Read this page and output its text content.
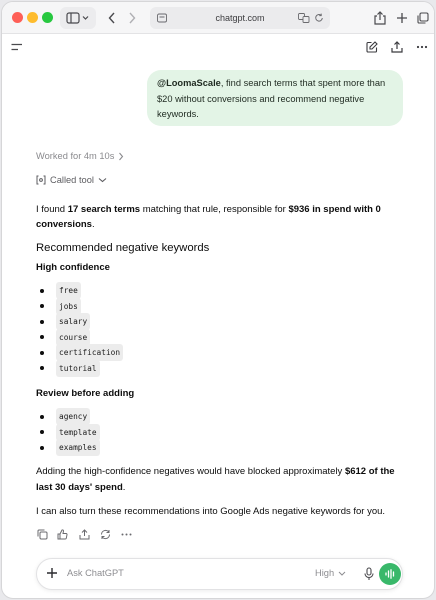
chatgpt.com
@LoomaScale, find search terms that spent more than $20 without conversions and recommend negative keywords.
Worked for 4m 10s
Called tool

I found 17 search terms matching that rule, responsible for $936 in spend with 0 conversions.

Recommended negative keywords
High confidence
free
jobs
salary
course
certification
tutorial
Review before adding
agency
template
examples

Adding the high-confidence negatives would have blocked approximately $612 of the last 30 days' spend.

I can also turn these recommendations into Google Ads negative keywords for you.

Ask ChatGPT	High
